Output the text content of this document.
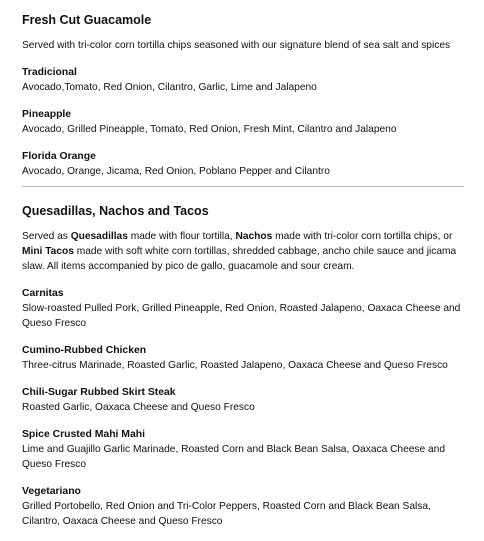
Fresh Cut Guacamole

Served with tri-color corn tortilla chips seasoned with our signature blend of sea salt and spices

Tradicional
Avocado,Tomato, Red Onion, Cilantro, Garlic, Lime and Jalapeno
Pineapple
Avocado, Grilled Pineapple, Tomato, Red Onion, Fresh Mint, Cilantro and Jalapeno
Florida Orange
Avocado, Orange, Jicama, Red Onion, Poblano Pepper and Cilantro
Quesadillas, Nachos and Tacos

Served as Quesadillas made with flour tortilla, Nachos made with tri-color corn tortilla chips, or Mini Tacos made with soft white corn tortillas, shredded cabbage, ancho chile sauce and jicama slaw. All items accompanied by pico de gallo, guacamole and sour cream.

Carnitas
Slow-roasted Pulled Pork, Grilled Pineapple, Red Onion, Roasted Jalapeno, Oaxaca Cheese and Queso Fresco
Cumino-Rubbed Chicken
Three-citrus Marinade, Roasted Garlic, Roasted Jalapeno, Oaxaca Cheese and Queso Fresco
Chili-Sugar Rubbed Skirt Steak
Roasted Garlic, Oaxaca Cheese and Queso Fresco
Spice Crusted Mahi Mahi
Lime and Guajillo Garlic Marinade, Roasted Corn and Black Bean Salsa, Oaxaca Cheese and Queso Fresco
Vegetariano
Grilled Portobello, Red Onion and Tri-Color Peppers, Roasted Corn and Black Bean Salsa, Cilantro, Oaxaca Cheese and Queso Fresco
